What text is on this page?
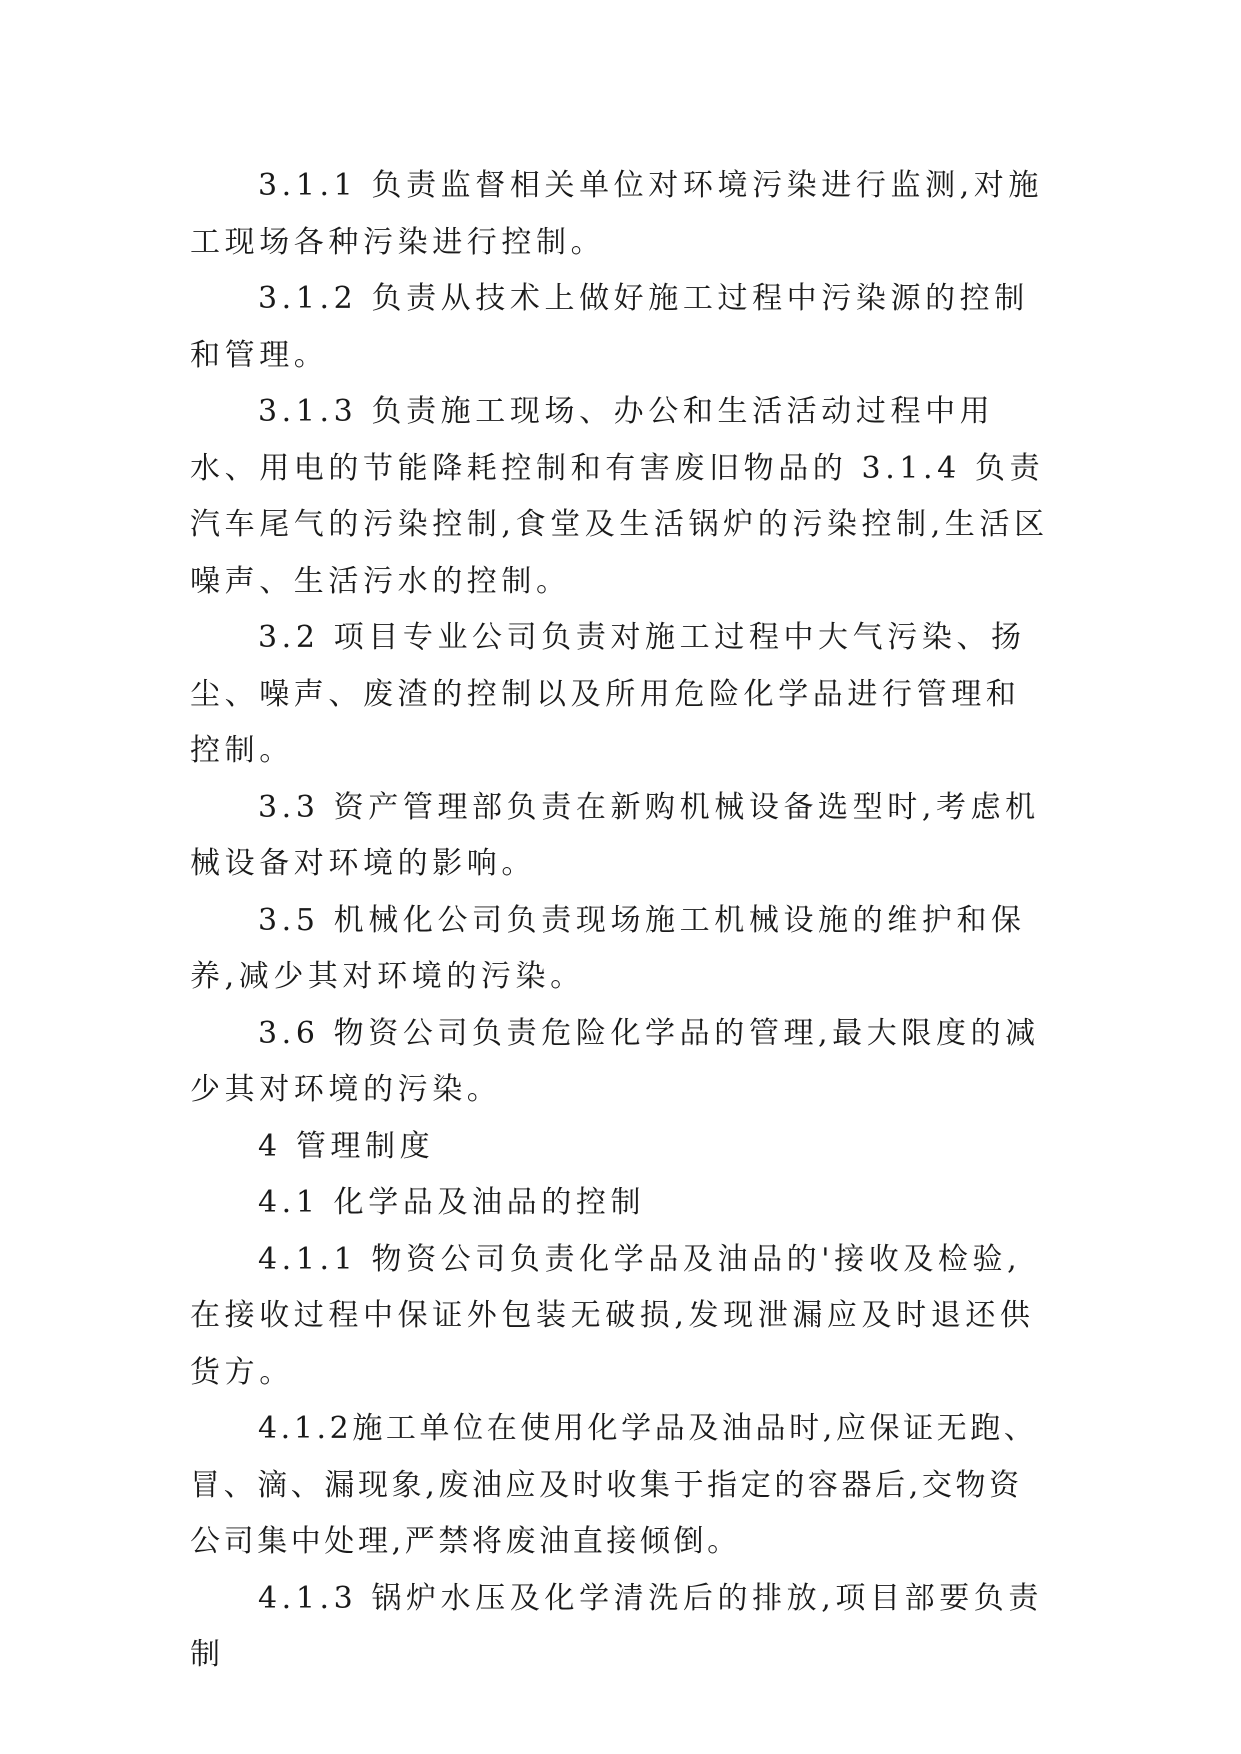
3.1.1 负责监督相关单位对环境污染进行监测,对施工现场各种污染进行控制。

3.1.2 负责从技术上做好施工过程中污染源的控制和管理。

3.1.3 负责施工现场、办公和生活活动过程中用水、用电的节能降耗控制和有害废旧物品的 3.1.4 负责汽车尾气的污染控制,食堂及生活锅炉的污染控制,生活区噪声、生活污水的控制。

3.2 项目专业公司负责对施工过程中大气污染、扬尘、噪声、废渣的控制以及所用危险化学品进行管理和控制。

3.3 资产管理部负责在新购机械设备选型时,考虑机械设备对环境的影响。

3.5 机械化公司负责现场施工机械设施的维护和保养,减少其对环境的污染。

3.6 物资公司负责危险化学品的管理,最大限度的减少其对环境的污染。

4 管理制度

4.1 化学品及油品的控制

4.1.1 物资公司负责化学品及油品的'接收及检验,在接收过程中保证外包装无破损,发现泄漏应及时退还供货方。

4.1.2施工单位在使用化学品及油品时,应保证无跑、冒、滴、漏现象,废油应及时收集于指定的容器后,交物资公司集中处理,严禁将废油直接倾倒。

4.1.3 锅炉水压及化学清洗后的排放,项目部要负责制
